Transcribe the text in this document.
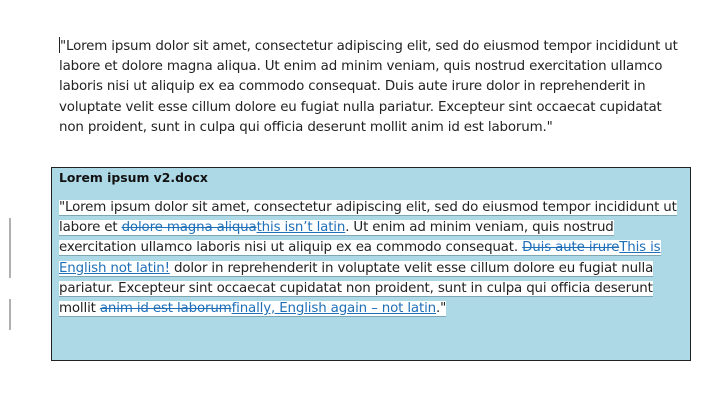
"Lorem ipsum dolor sit amet, consectetur adipiscing elit, sed do eiusmod tempor incididunt ut labore et dolore magna aliqua. Ut enim ad minim veniam, quis nostrud exercitation ullamco laboris nisi ut aliquip ex ea commodo consequat. Duis aute irure dolor in reprehenderit in voluptate velit esse cillum dolore eu fugiat nulla pariatur. Excepteur sint occaecat cupidatat non proident, sunt in culpa qui officia deserunt mollit anim id est laborum."

Lorem ipsum v2.docx

"Lorem ipsum dolor sit amet, consectetur adipiscing elit, sed do eiusmod tempor incididunt ut labore et dolore magna aliquathis isn’t latin. Ut enim ad minim veniam, quis nostrud exercitation ullamco laboris nisi ut aliquip ex ea commodo consequat. Duis aute irureThis is English not latin! dolor in reprehenderit in voluptate velit esse cillum dolore eu fugiat nulla pariatur. Excepteur sint occaecat cupidatat non proident, sunt in culpa qui officia deserunt mollit anim id est laborumfinally, English again – not latin."
